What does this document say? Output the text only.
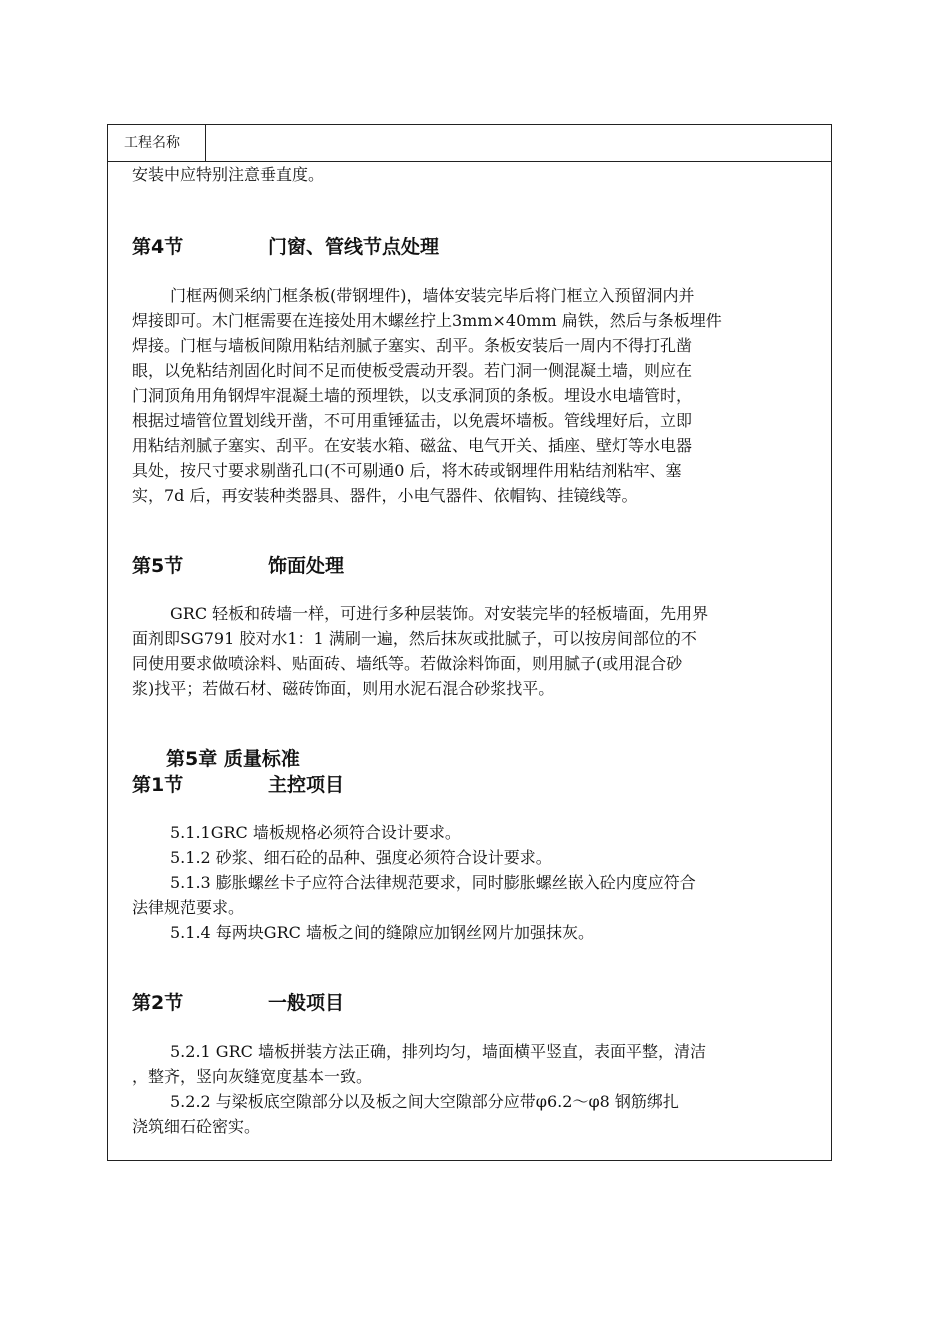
工程名称
安装中应特别注意垂直度。
第4节	门窗、管线节点处理
门框两侧采纳门框条板(带钢埋件)，墙体安装完毕后将门框立入预留洞内并
焊接即可。木门框需要在连接处用木螺丝拧上3mm×40mm 扁铁，然后与条板埋件
焊接。门框与墙板间隙用粘结剂腻子塞实、刮平。条板安装后一周内不得打孔凿
眼，以免粘结剂固化时间不足而使板受震动开裂。若门洞一侧混凝土墙，则应在
门洞顶角用角钢焊牢混凝土墙的预埋铁，以支承洞顶的条板。埋设水电墙管时，
根据过墙管位置划线开凿，不可用重锤猛击，以免震坏墙板。管线埋好后，立即
用粘结剂腻子塞实、刮平。在安装水箱、磁盆、电气开关、插座、壁灯等水电器
具处，按尺寸要求剔凿孔口(不可剔通0 后，将木砖或钢埋件用粘结剂粘牢、塞
实，7d 后，再安装种类器具、器件，小电气器件、依帽钩、挂镜线等。
第5节	饰面处理
GRC 轻板和砖墙一样，可进行多种层装饰。对安装完毕的轻板墙面，先用界
面剂即SG791 胶对水1：1 满刷一遍，然后抹灰或批腻子，可以按房间部位的不
同使用要求做喷涂料、贴面砖、墙纸等。若做涂料饰面，则用腻子(或用混合砂
浆)找平；若做石材、磁砖饰面，则用水泥石混合砂浆找平。
第5章 质量标准
第1节	主控项目
5.1.1GRC 墙板规格必须符合设计要求。
5.1.2 砂浆、细石砼的品种、强度必须符合设计要求。
5.1.3 膨胀螺丝卡子应符合法律规范要求，同时膨胀螺丝嵌入砼内度应符合
法律规范要求。
5.1.4 每两块GRC 墙板之间的缝隙应加钢丝网片加强抹灰。
第2节	一般项目
5.2.1 GRC 墙板拼装方法正确，排列均匀，墙面横平竖直，表面平整，清洁
，整齐，竖向灰缝宽度基本一致。
5.2.2 与梁板底空隙部分以及板之间大空隙部分应带φ6.2～φ8 钢筋绑扎
浇筑细石砼密实。
